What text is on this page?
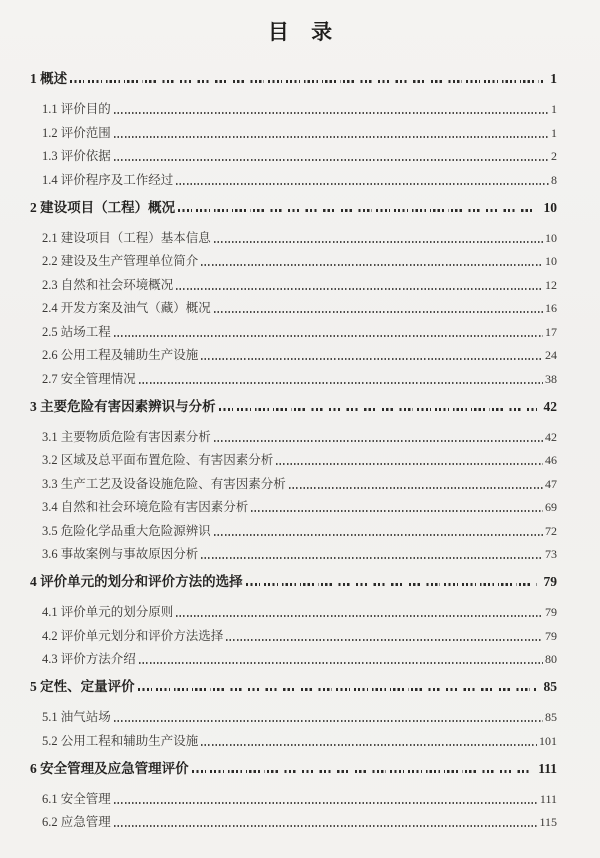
目 录
1 概述	1
1.1 评价目的	1
1.2 评价范围	1
1.3 评价依据	2
1.4 评价程序及工作经过	8
2 建设项目（工程）概况	10
2.1 建设项目（工程）基本信息	10
2.2 建设及生产管理单位简介	10
2.3 自然和社会环境概况	12
2.4 开发方案及油气（藏）概况	16
2.5 站场工程	17
2.6 公用工程及辅助生产设施	24
2.7 安全管理情况	38
3 主要危险有害因素辨识与分析	42
3.1 主要物质危险有害因素分析	42
3.2 区域及总平面布置危险、有害因素分析	46
3.3 生产工艺及设备设施危险、有害因素分析	47
3.4 自然和社会环境危险有害因素分析	69
3.5 危险化学品重大危险源辨识	72
3.6 事故案例与事故原因分析	73
4 评价单元的划分和评价方法的选择	79
4.1 评价单元的划分原则	79
4.2 评价单元划分和评价方法选择	79
4.3 评价方法介绍	80
5 定性、定量评价	85
5.1 油气站场	85
5.2 公用工程和辅助生产设施	101
6 安全管理及应急管理评价	111
6.1 安全管理	111
6.2 应急管理	115
